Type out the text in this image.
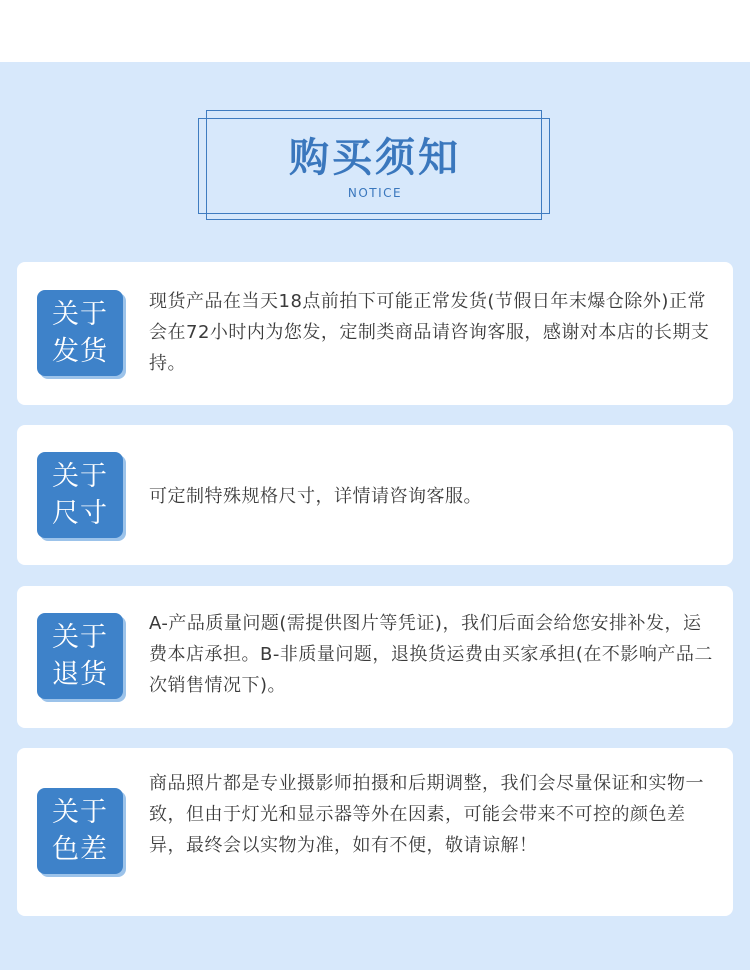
购买须知
NOTICE
关于
发货
现货产品在当天18点前拍下可能正常发货(节假日年末爆仓除外)正常会在72小时内为您发，定制类商品请咨询客服，感谢对本店的长期支持。
关于
尺寸
可定制特殊规格尺寸，详情请咨询客服。
关于
退货
A-产品质量问题(需提供图片等凭证)，我们后面会给您安排补发，运费本店承担。B-非质量问题，退换货运费由买家承担(在不影响产品二次销售情况下)。
关于
色差
商品照片都是专业摄影师拍摄和后期调整，我们会尽量保证和实物一致，但由于灯光和显示器等外在因素，可能会带来不可控的颜色差异，最终会以实物为准，如有不便，敬请谅解！
